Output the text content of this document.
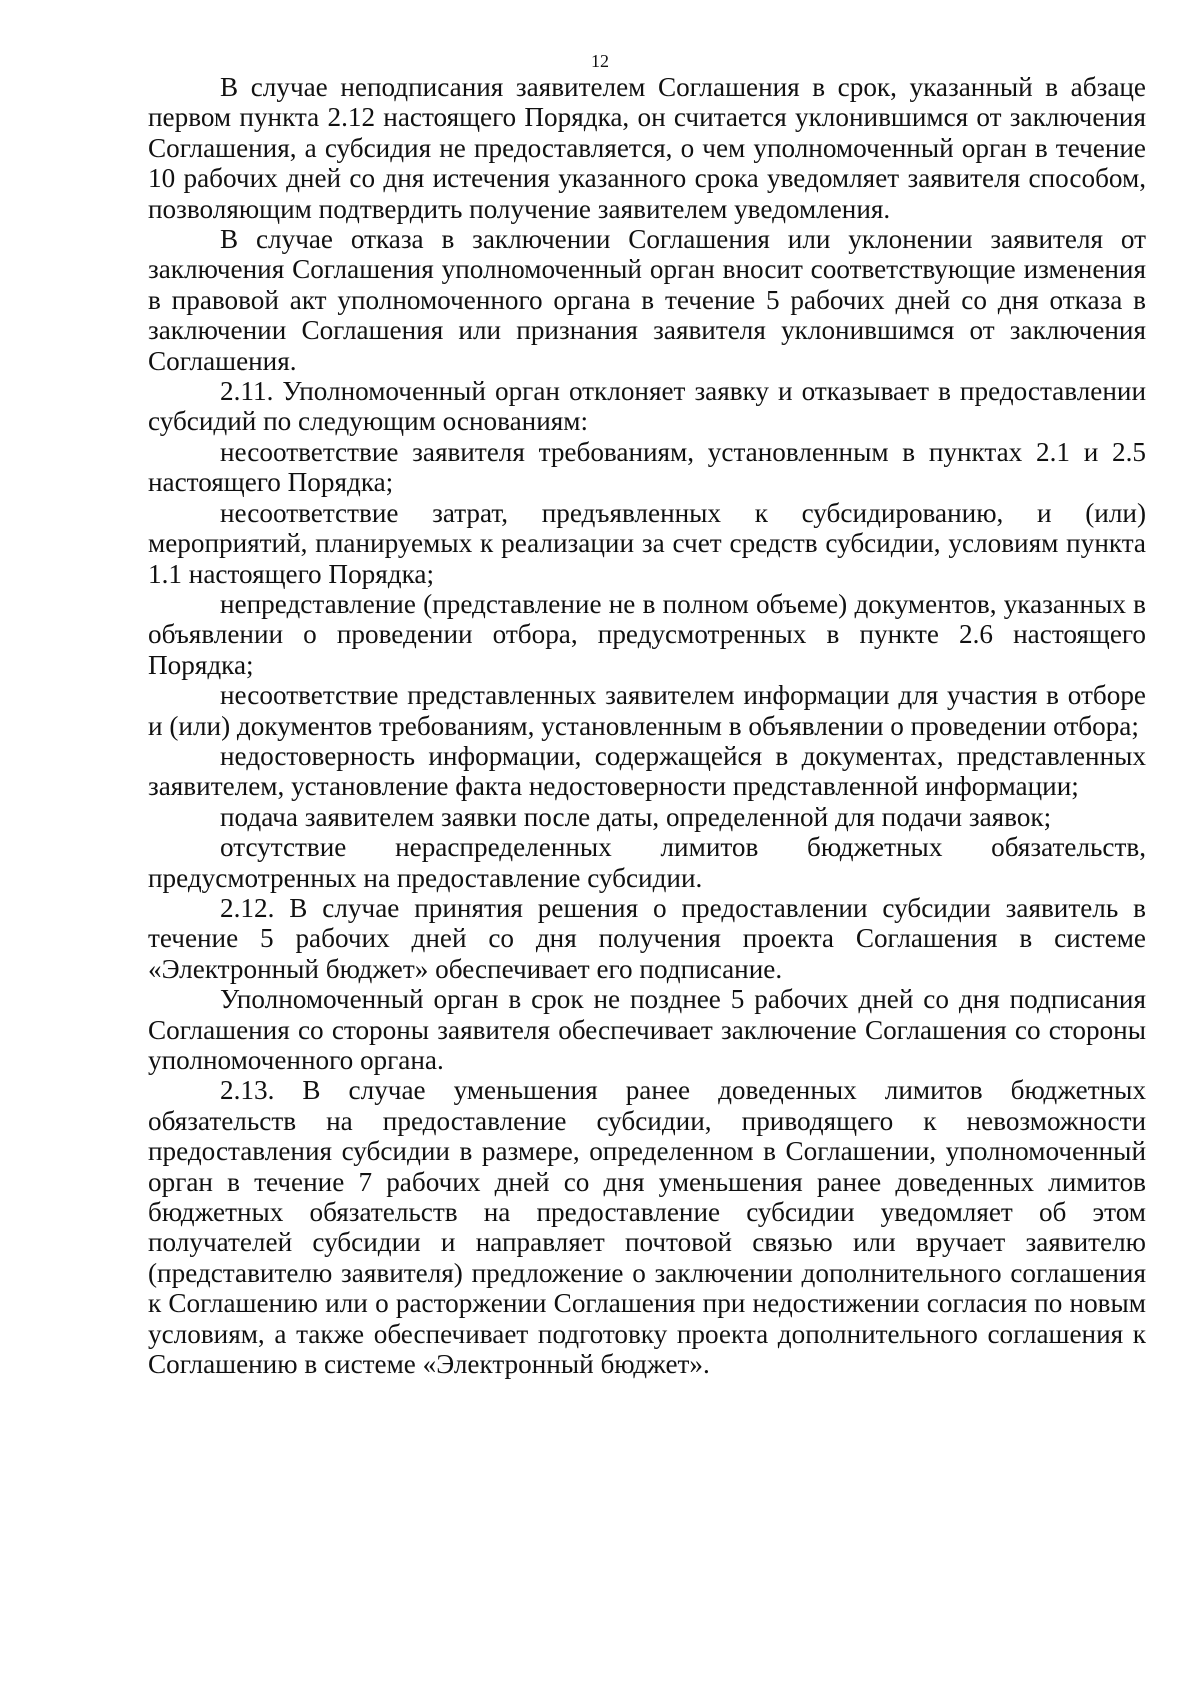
12

В случае неподписания заявителем Соглашения в срок, указанный в абзаце первом пункта 2.12 настоящего Порядка, он считается уклонившимся от заключения Соглашения, а субсидия не предоставляется, о чем уполномоченный орган в течение 10 рабочих дней со дня истечения указанного срока уведомляет заявителя способом, позволяющим подтвердить получение заявителем уведомления.

В случае отказа в заключении Соглашения или уклонении заявителя от заключения Соглашения уполномоченный орган вносит соответствующие изменения в правовой акт уполномоченного органа в течение 5 рабочих дней со дня отказа в заключении Соглашения или признания заявителя уклонившимся от заключения Соглашения.

2.11. Уполномоченный орган отклоняет заявку и отказывает в предоставлении субсидий по следующим основаниям:

несоответствие заявителя требованиям, установленным в пунктах 2.1 и 2.5 настоящего Порядка;

несоответствие затрат, предъявленных к субсидированию, и (или) мероприятий, планируемых к реализации за счет средств субсидии, условиям пункта 1.1 настоящего Порядка;

непредставление (представление не в полном объеме) документов, указанных в объявлении о проведении отбора, предусмотренных в пункте 2.6 настоящего Порядка;

несоответствие представленных заявителем информации для участия в отборе и (или) документов требованиям, установленным в объявлении о проведении отбора;

недостоверность информации, содержащейся в документах, представленных заявителем, установление факта недостоверности представленной информации;

подача заявителем заявки после даты, определенной для подачи заявок;

отсутствие нераспределенных лимитов бюджетных обязательств, предусмотренных на предоставление субсидии.

2.12. В случае принятия решения о предоставлении субсидии заявитель в течение 5 рабочих дней со дня получения проекта Соглашения в системе «Электронный бюджет» обеспечивает его подписание.

Уполномоченный орган в срок не позднее 5 рабочих дней со дня подписания Соглашения со стороны заявителя обеспечивает заключение Соглашения со стороны уполномоченного органа.

2.13. В случае уменьшения ранее доведенных лимитов бюджетных обязательств на предоставление субсидии, приводящего к невозможности предоставления субсидии в размере, определенном в Соглашении, уполномоченный орган в течение 7 рабочих дней со дня уменьшения ранее доведенных лимитов бюджетных обязательств на предоставление субсидии уведомляет об этом получателей субсидии и направляет почтовой связью или вручает заявителю (представителю заявителя) предложение о заключении дополнительного соглашения к Соглашению или о расторжении Соглашения при недостижении согласия по новым условиям, а также обеспечивает подготовку проекта дополнительного соглашения к Соглашению в системе «Электронный бюджет».
